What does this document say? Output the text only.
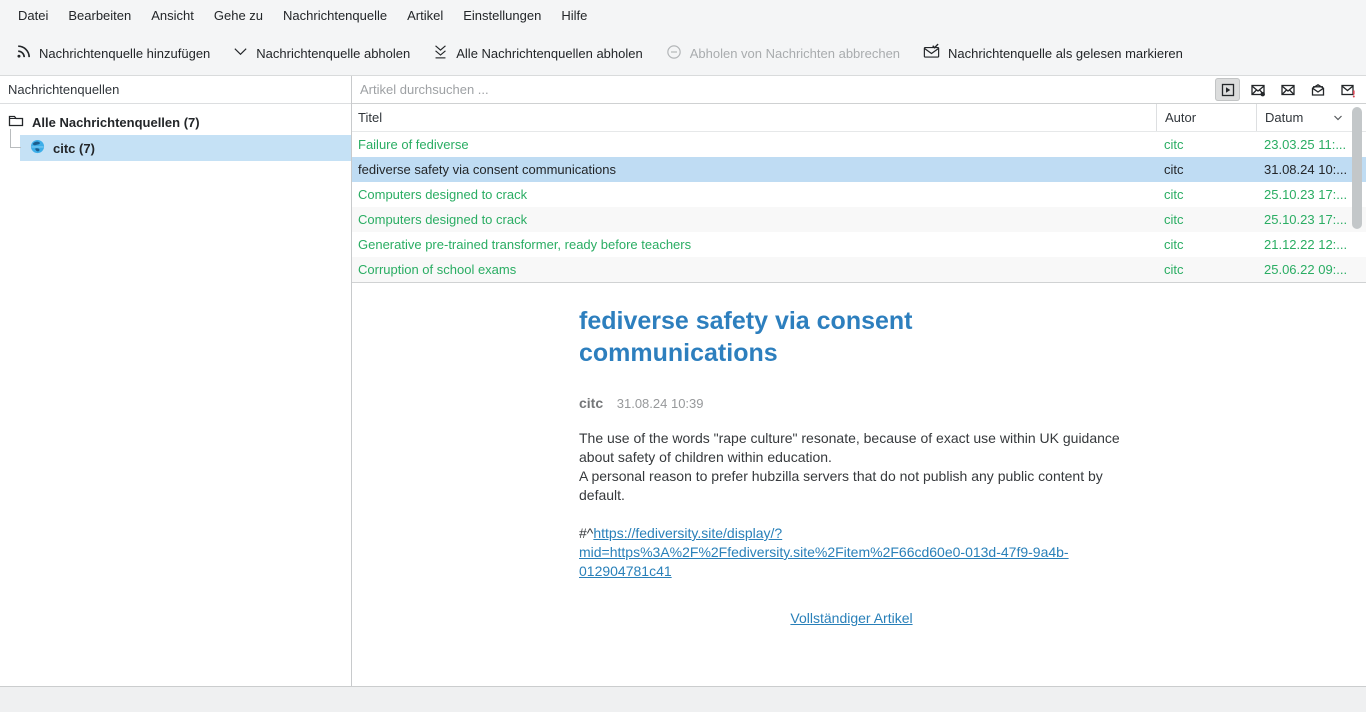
Datei	Bearbeiten	Ansicht	Gehe zu	Nachrichtenquelle	Artikel	Einstellungen	Hilfe
Nachrichtenquelle hinzufügen	Nachrichtenquelle abholen	Alle Nachrichtenquellen abholen	Abholen von Nachrichten abbrechen	Nachrichtenquelle als gelesen markieren
Nachrichtenquellen
Alle Nachrichtenquellen (7)
citc (7)
Artikel durchsuchen ...
Titel	Autor	Datum
Failure of fediverse	citc	23.03.25 11:...
fediverse safety via consent communications	citc	31.08.24 10:...
Computers designed to crack	citc	25.10.23 17:...
Computers designed to crack	citc	25.10.23 17:...
Generative pre-trained transformer, ready before teachers	citc	21.12.22 12:...
Corruption of school exams	citc	25.06.22 09:...
fediverse safety via consent communications
citc 31.08.24 10:39
The use of the words "rape culture" resonate, because of exact use within UK guidance about safety of children within education.
A personal reason to prefer hubzilla servers that do not publish any public content by default.
#^https://fediversity.site/display/?mid=https%3A%2F%2Ffediversity.site%2Fitem%2F66cd60e0-013d-47f9-9a4b-012904781c41
Vollständiger Artikel
